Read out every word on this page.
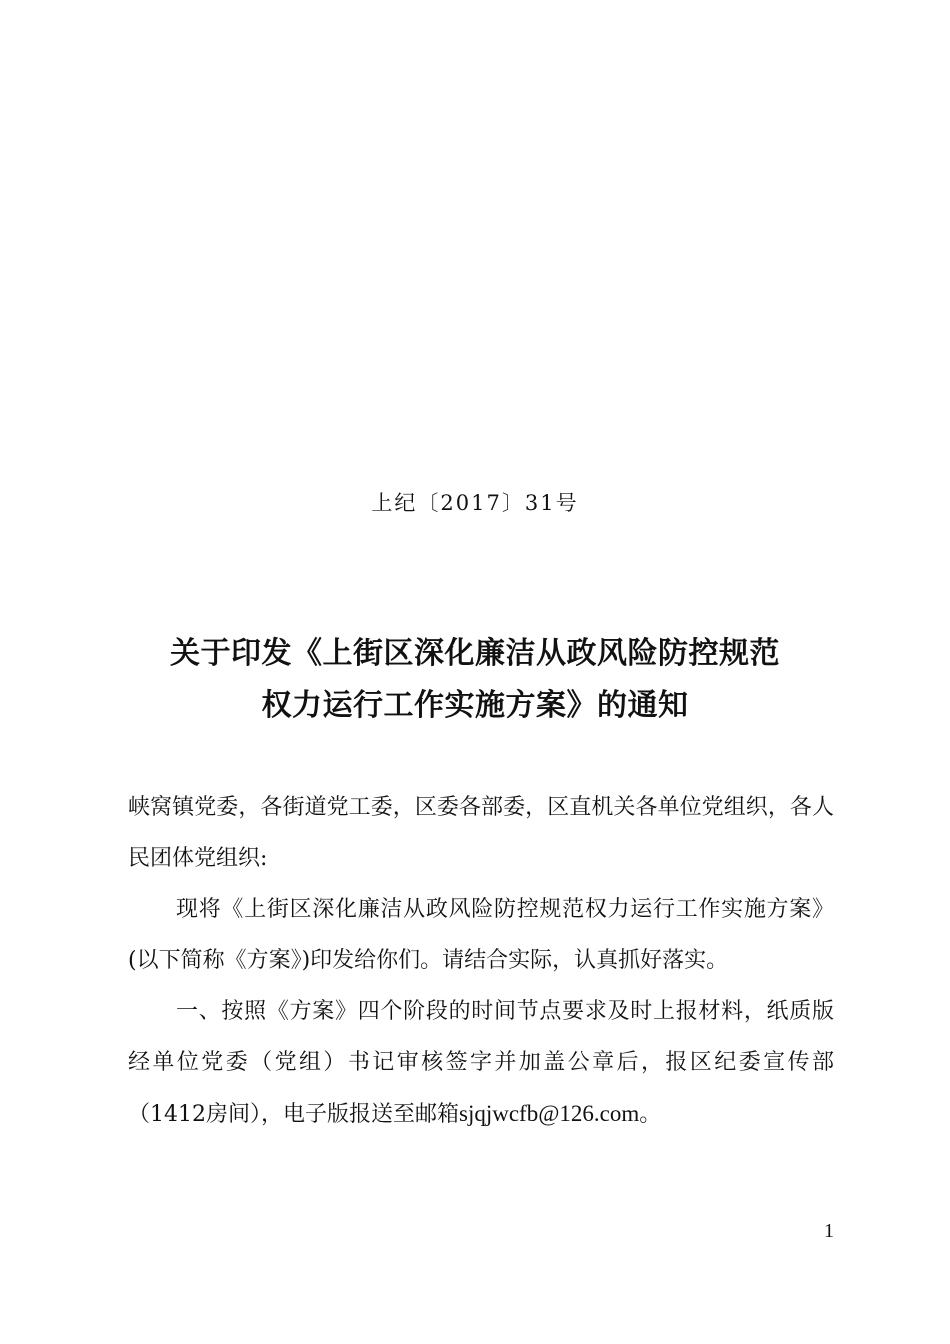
上纪〔2017〕31号
关于印发《上街区深化廉洁从政风险防控规范
权力运行工作实施方案》的通知

峡窝镇党委，各街道党工委，区委各部委，区直机关各单位党组织，各人民团体党组织:

现将《上街区深化廉洁从政风险防控规范权力运行工作实施方案》(以下简称《方案》)印发给你们。请结合实际，认真抓好落实。

一、按照《方案》四个阶段的时间节点要求及时上报材料，纸质版经单位党委（党组）书记审核签字并加盖公章后，报区纪委宣传部（1412房间），电子版报送至邮箱sjqjwcfb@126.com。

1
